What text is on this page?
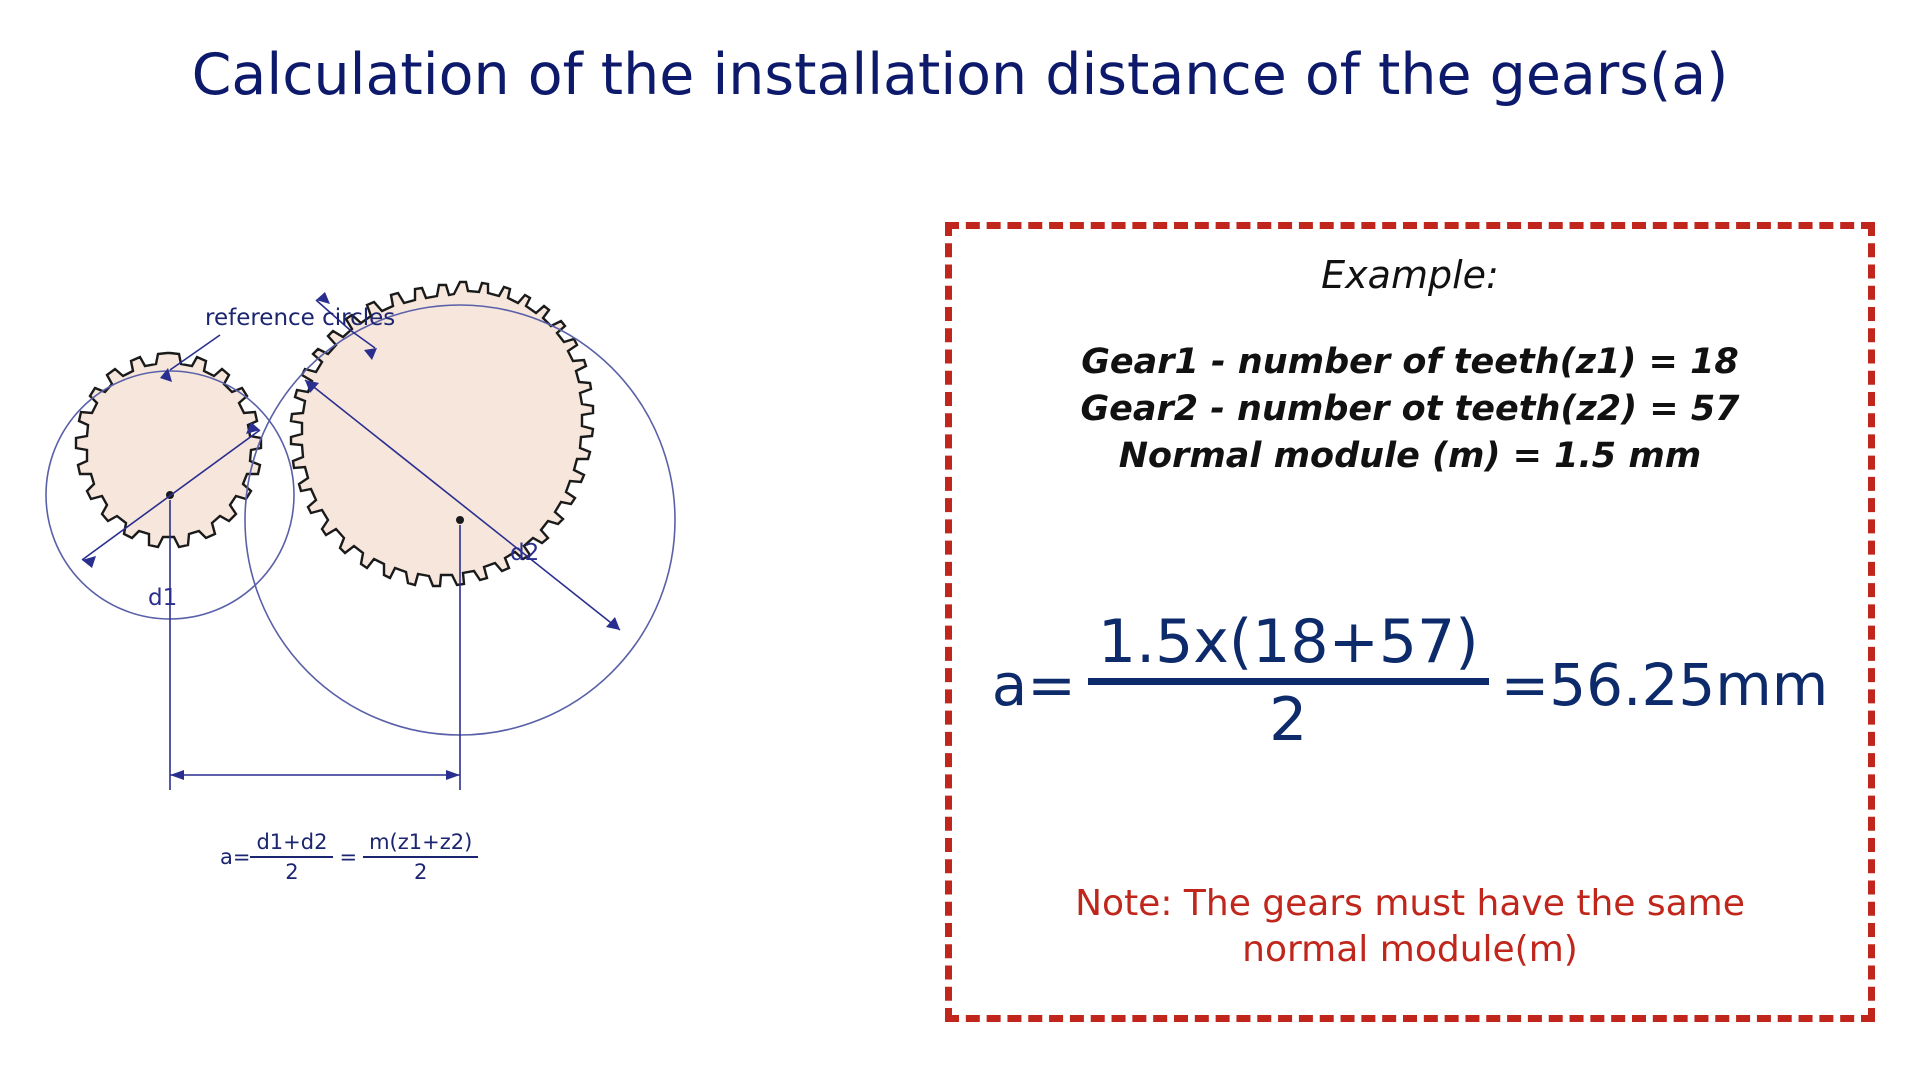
Calculation of the installation distance of the gears(a)
reference circles
d1
d2
$a= \frac{d1+d2}{2} = \frac{m(z1+z2)}{2}$
Example:
Gear1 - number of teeth(z1) = 18
Gear2 - number ot teeth(z2) = 57
Normal module (m) = 1.5 mm
a=
1.5x(18+57)
2
=56.25mm
Note: The gears must have the same
normal module(m)
